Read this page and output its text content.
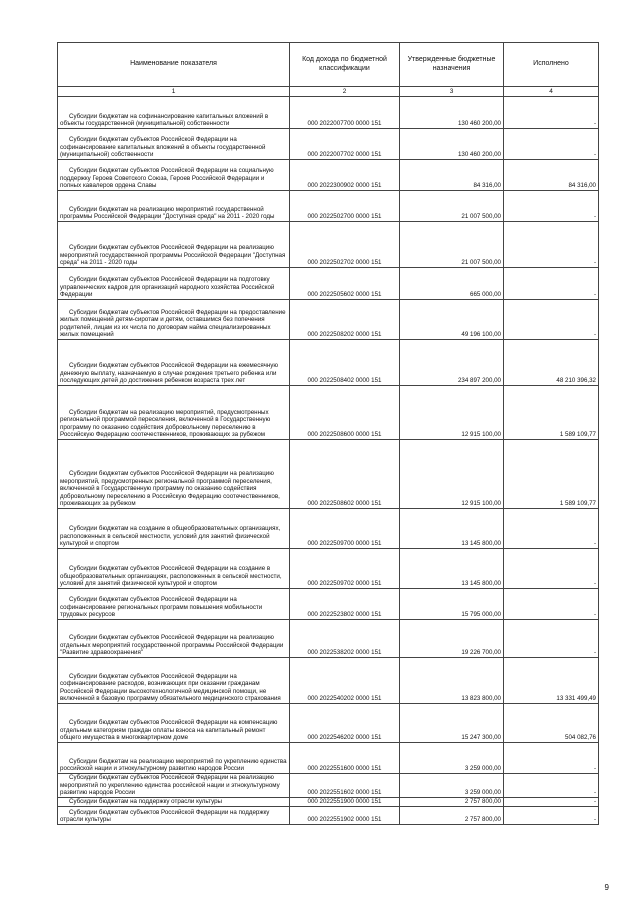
Наименование показателя	Код дохода по бюджетной классификации	Утвержденные бюджетные назначения	Исполнено
1	2	3	4

Субсидии бюджетам на софинансирование капитальных вложений в объекты государственной (муниципальной) собственности	000 2022007700 0000 151	130 460 200,00	-

Субсидии бюджетам субъектов Российской Федерации на софинансирование капитальных вложений в объекты государственной (муниципальной) собственности	000 2022007702 0000 151	130 460 200,00	-

Субсидии бюджетам субъектов Российской Федерации на социальную поддержку Героев Советского Союза, Героев Российской Федерации и полных кавалеров ордена Славы	000 2022300902 0000 151	84 316,00	84 316,00

Субсидии бюджетам на реализацию мероприятий государственной программы Российской Федерации "Доступная среда" на 2011 - 2020 годы	000 2022502700 0000 151	21 007 500,00	-

Субсидии бюджетам субъектов Российской Федерации на реализацию мероприятий государственной программы Российской Федерации "Доступная среда" на 2011 - 2020 годы	000 2022502702 0000 151	21 007 500,00	-

Субсидии бюджетам субъектов Российской Федерации на подготовку управленческих кадров для организаций народного хозяйства Российской Федерации	000 2022505602 0000 151	665 000,00	-

Субсидии бюджетам субъектов Российской Федерации на предоставление жилых помещений детям-сиротам и детям, оставшимся без попечения родителей, лицам из их числа по договорам найма специализированных жилых помещений	000 2022508202 0000 151	49 196 100,00	-

Субсидии бюджетам субъектов Российской Федерации на ежемесячную денежную выплату, назначаемую в случае рождения третьего ребенка или последующих детей до достижения ребенком возраста трех лет	000 2022508402 0000 151	234 897 200,00	48 210 396,32

Субсидии бюджетам на реализацию мероприятий, предусмотренных региональной программой переселения, включенной в Государственную программу по оказанию содействия добровольному переселению в Российскую Федерацию соотечественников, проживающих за рубежом	000 2022508600 0000 151	12 915 100,00	1 589 109,77

Субсидии бюджетам субъектов Российской Федерации на реализацию мероприятий, предусмотренных региональной программой переселения, включенной в Государственную программу по оказанию содействия добровольному переселению в Российскую Федерацию соотечественников, проживающих за рубежом	000 2022508602 0000 151	12 915 100,00	1 589 109,77

Субсидии бюджетам на создание в общеобразовательных организациях, расположенных в сельской местности, условий для занятий физической культурой и спортом	000 2022509700 0000 151	13 145 800,00	-

Субсидии бюджетам субъектов Российской Федерации на создание в общеобразовательных организациях, расположенных в сельской местности, условий для занятий физической культурой и спортом	000 2022509702 0000 151	13 145 800,00	-

Субсидии бюджетам субъектов Российской Федерации на софинансирование региональных программ повышения мобильности трудовых ресурсов	000 2022523802 0000 151	15 795 000,00	-

Субсидии бюджетам субъектов Российской Федерации на реализацию отдельных мероприятий государственной программы Российской Федерации "Развитие здравоохранения"	000 2022538202 0000 151	19 226 700,00	-

Субсидии бюджетам субъектов Российской Федерации на софинансирование расходов, возникающих при оказании гражданам Российской Федерации высокотехнологичной медицинской помощи, не включенной в базовую программу обязательного медицинского страхования	000 2022540202 0000 151	13 823 800,00	13 331 499,49

Субсидии бюджетам субъектов Российской Федерации на компенсацию отдельным категориям граждан оплаты взноса на капитальный ремонт общего имущества в многоквартирном доме	000 2022546202 0000 151	15 247 300,00	504 082,76

Субсидии бюджетам на реализацию мероприятий по укреплению единства российской нации и этнокультурному развитию народов России	000 2022551600 0000 151	3 259 000,00	-

Субсидии бюджетам субъектов Российской Федерации на реализацию мероприятий по укреплению единства российской нации и этнокультурному развитию народов России	000 2022551602 0000 151	3 259 000,00	-

Субсидии бюджетам на поддержку отрасли культуры	000 2022551900 0000 151	2 757 800,00	-

Субсидии бюджетам субъектов Российской Федерации на поддержку отрасли культуры	000 2022551902 0000 151	2 757 800,00	-
9
